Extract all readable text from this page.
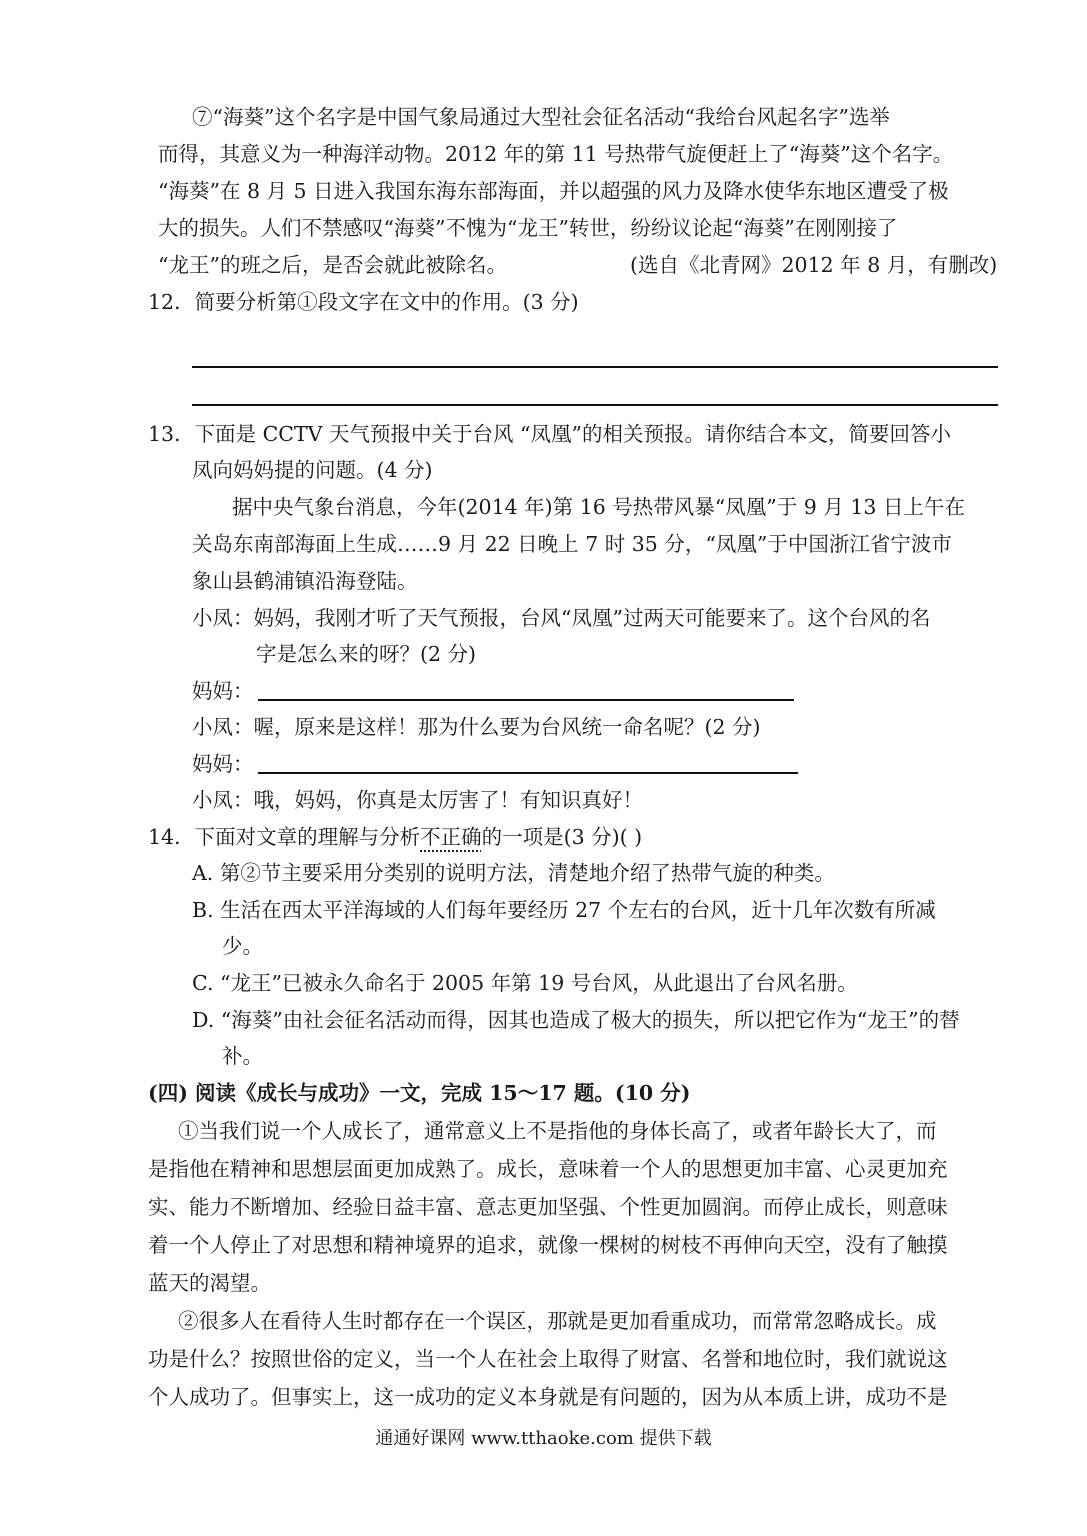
⑦“海葵”这个名字是中国气象局通过大型社会征名活动“我给台风起名字”选举
而得，其意义为一种海洋动物。2012 年的第 11 号热带气旋便赶上了“海葵”这个名字。
“海葵”在 8 月 5 日进入我国东海东部海面，并以超强的风力及降水使华东地区遭受了极
大的损失。人们不禁感叹“海葵”不愧为“龙王”转世，纷纷议论起“海葵”在刚刚接了
“龙王”的班之后，是否会就此被除名。	(选自《北青网》2012 年 8 月，有删改)
12．简要分析第①段文字在文中的作用。(3 分)
13．下面是 CCTV 天气预报中关于台风 “凤凰”的相关预报。请你结合本文，简要回答小
凤向妈妈提的问题。(4 分)
据中央气象台消息，今年(2014 年)第 16 号热带风暴“凤凰”于 9 月 13 日上午在
关岛东南部海面上生成……9 月 22 日晚上 7 时 35 分，“凤凰”于中国浙江省宁波市
象山县鹤浦镇沿海登陆。
小凤：妈妈，我刚才听了天气预报，台风“凤凰”过两天可能要来了。这个台风的名
字是怎么来的呀？(2 分)
妈妈：
小凤：喔，原来是这样！那为什么要为台风统一命名呢？(2 分)
妈妈：
小凤：哦，妈妈，你真是太厉害了！有知识真好！
14．下面对文章的理解与分析不正确的一项是(3 分)( )
A. 第②节主要采用分类别的说明方法，清楚地介绍了热带气旋的种类。
B. 生活在西太平洋海域的人们每年要经历 27 个左右的台风，近十几年次数有所减
少。
C. “龙王”已被永久命名于 2005 年第 19 号台风，从此退出了台风名册。
D. “海葵”由社会征名活动而得，因其也造成了极大的损失，所以把它作为“龙王”的替
补。
(四) 阅读《成长与成功》一文，完成 15～17 题。(10 分)
①当我们说一个人成长了，通常意义上不是指他的身体长高了，或者年龄长大了，而
是指他在精神和思想层面更加成熟了。成长，意味着一个人的思想更加丰富、心灵更加充
实、能力不断增加、经验日益丰富、意志更加坚强、个性更加圆润。而停止成长，则意味
着一个人停止了对思想和精神境界的追求，就像一棵树的树枝不再伸向天空，没有了触摸
蓝天的渴望。
②很多人在看待人生时都存在一个误区，那就是更加看重成功，而常常忽略成长。成
功是什么？按照世俗的定义，当一个人在社会上取得了财富、名誉和地位时，我们就说这
个人成功了。但事实上，这一成功的定义本身就是有问题的，因为从本质上讲，成功不是
通通好课网 www.tthaoke.com 提供下载
